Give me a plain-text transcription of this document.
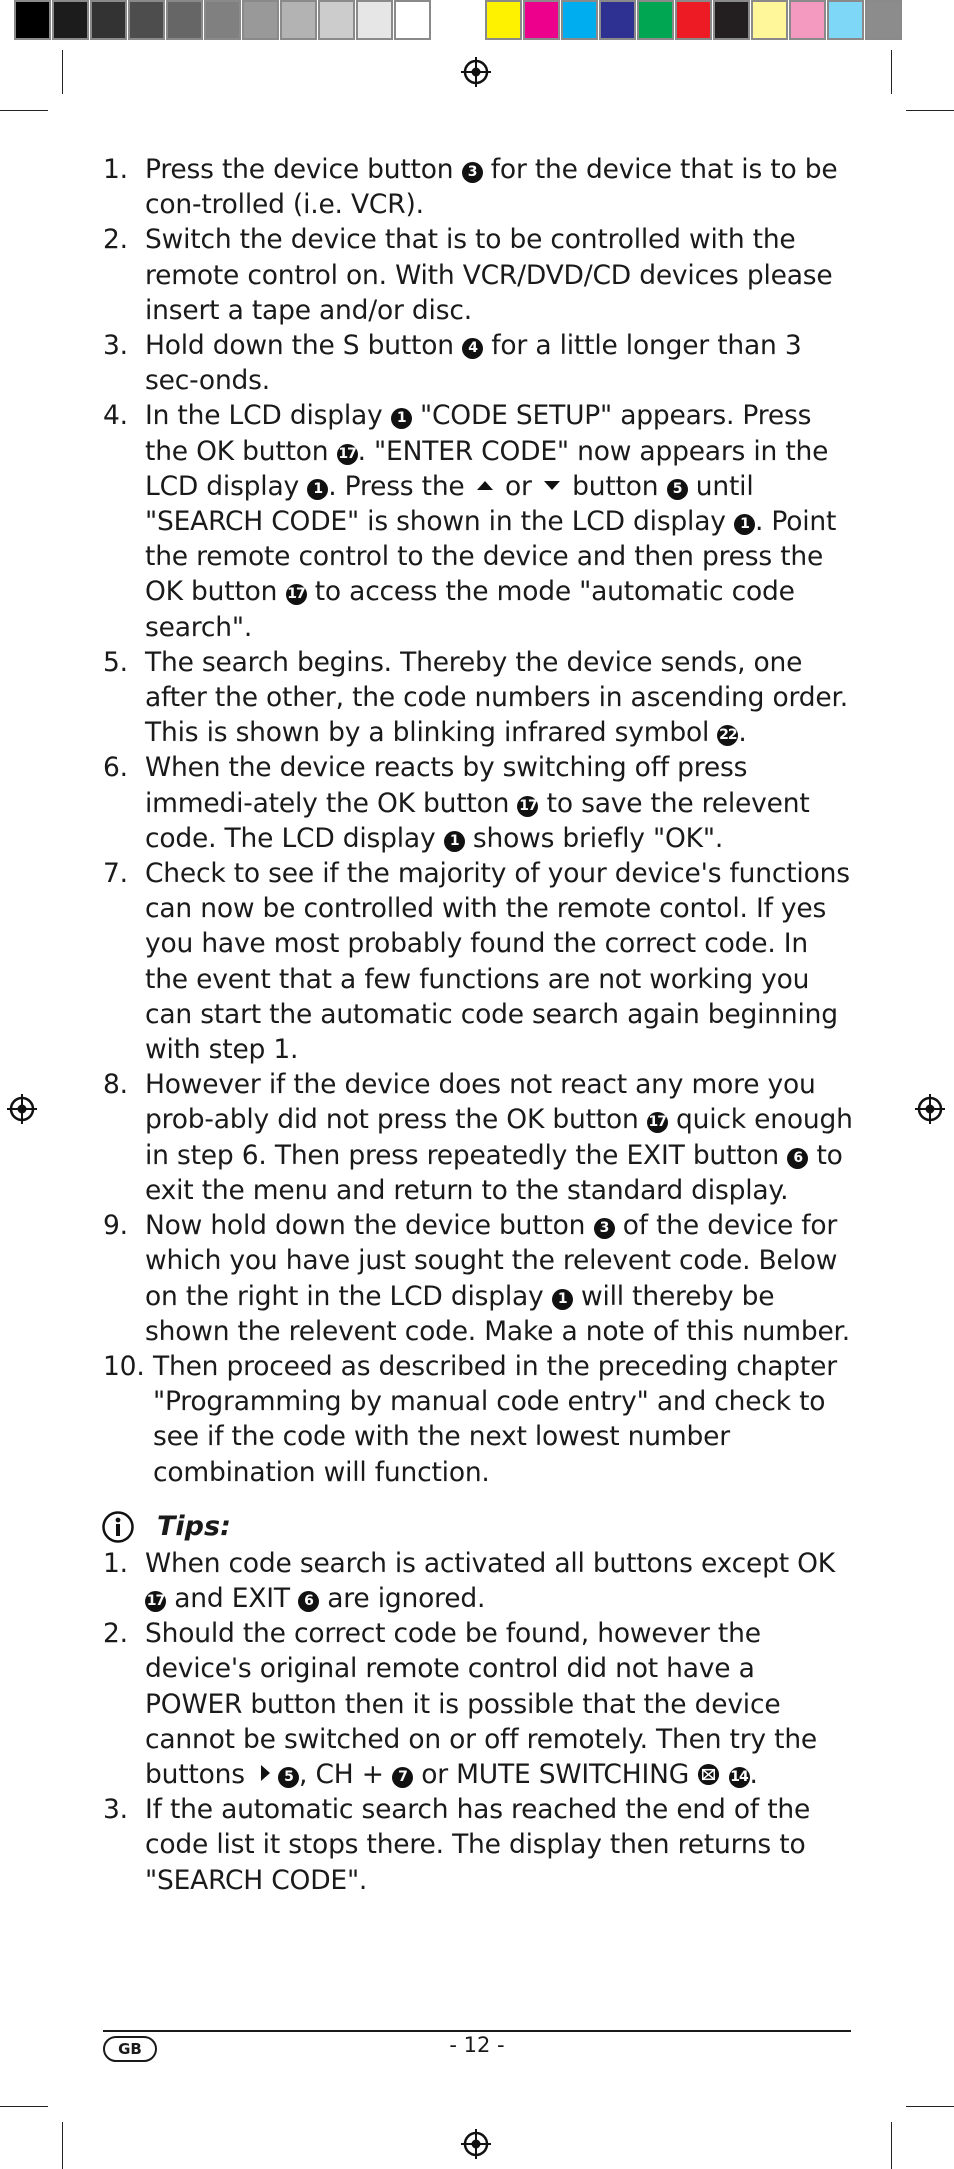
1. Press the device button 3 for the device that is to be con-trolled (i.e. VCR).
2. Switch the device that is to be controlled with the remote control on. With VCR/DVD/CD devices please insert a tape and/or disc.
3. Hold down the S button 4 for a little longer than 3 sec-onds.
4. In the LCD display 1 "CODE SETUP" appears. Press the OK button 17. "ENTER CODE" now appears in the LCD display 1 . Press the  or  button 5 until "SEARCH CODE" is shown in the LCD display 1 . Point the remote control to the device and then press the OK button 17 to access the mode "automatic code search".
5. The search begins. Thereby the device sends, one after the other, the code numbers in ascending order. This is shown by a blinking infrared symbol 22.
6. When the device reacts by switching off press immedi-ately the OK button 17 to save the relevent code. The LCD display 1 shows briefly "OK".
7. Check to see if the majority of your device's functions can now be controlled with the remote contol. If yes you have most probably found the correct code. In the event that a few functions are not working you can start the automatic code search again beginning with step 1.
8. However if the device does not react any more you prob-ably did not press the OK button 17 quick enough in step 6. Then press repeatedly the EXIT button 6 to exit the menu and return to the standard display.
9. Now hold down the device button 3 of the device for which you have just sought the relevent code. Below on the right in the LCD display 1 will thereby be shown the relevent code. Make a note of this number.
10. Then proceed as described in the preceding chapter "Programming by manual code entry" and check to see if the code with the next lowest number combination will function.
Tips:
1. When code search is activated all buttons except OK 17 and EXIT 6 are ignored.
2. Should the correct code be found, however the device's original remote control did not have a POWER button then it is possible that the device cannot be switched on or off remotely. Then try the buttons 5 , CH + 7 or MUTE SWITCHING  14.
3. If the automatic search has reached the end of the code list it stops there. The display then returns to "SEARCH CODE".
GB	- 12 -
